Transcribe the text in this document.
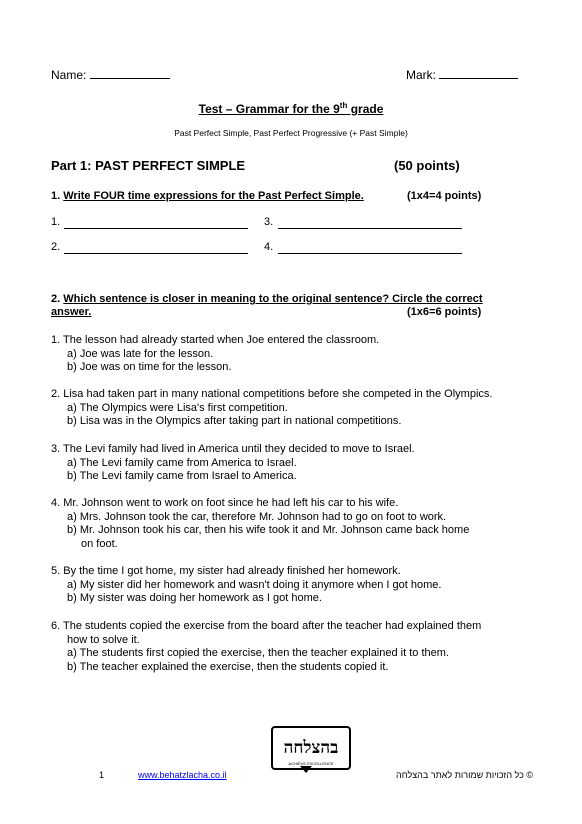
Name:	Mark:
Test – Grammar for the 9th grade
Past Perfect Simple, Past Perfect Progressive (+ Past Simple)
Part 1: PAST PERFECT SIMPLE	(50 points)
1. Write FOUR time expressions for the Past Perfect Simple.	(1x4=4 points)
1.	3.
2.	4.
2. Which sentence is closer in meaning to the original sentence? Circle the correct
answer.	(1x6=6 points)
1. The lesson had already started when Joe entered the classroom.
a) Joe was late for the lesson.
b) Joe was on time for the lesson.
2. Lisa had taken part in many national competitions before she competed in the Olympics.
a) The Olympics were Lisa's first competition.
b) Lisa was in the Olympics after taking part in national competitions.
3. The Levi family had lived in America until they decided to move to Israel.
a) The Levi family came from America to Israel.
b) The Levi family came from Israel to America.
4. Mr. Johnson went to work on foot since he had left his car to his wife.
a) Mrs. Johnson took the car, therefore Mr. Johnson had to go on foot to work.
b) Mr. Johnson took his car, then his wife took it and Mr. Johnson came back home
on foot.
5. By the time I got home, my sister had already finished her homework.
a) My sister did her homework and wasn't doing it anymore when I got home.
b) My sister was doing her homework as I got home.
6. The students copied the exercise from the board after the teacher had explained them
how to solve it.
a) The students first copied the exercise, then the teacher explained it to them.
b) The teacher explained the exercise, then the students copied it.
בהצלחה
ACHIEVE EXCELLENCE
1	www.behatzlacha.co.il	© כל הזכויות שמורות לאתר בהצלחה
